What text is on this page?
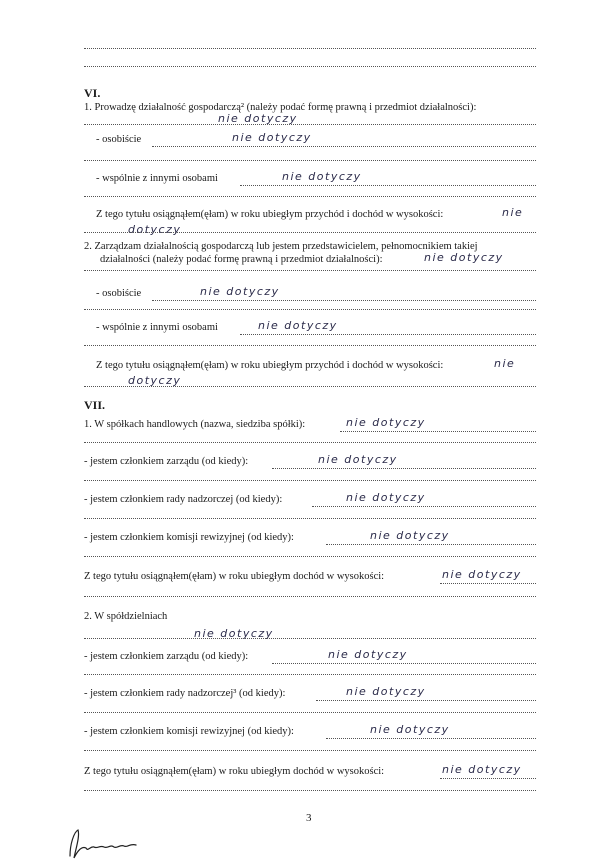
VI.
1. Prowadzę działalność gospodarczą² (należy podać formę prawną i przedmiot działalności):
nie dotyczy
- osobiście	nie dotyczy
- wspólnie z innymi osobami	nie dotyczy
Z tego tytułu osiągnąłem(ęłam) w roku ubiegłym przychód i dochód w wysokości:	nie
dotyczy
2. Zarządzam działalnością gospodarczą lub jestem przedstawicielem, pełnomocnikiem takiej
działalności (należy podać formę prawną i przedmiot działalności):	nie dotyczy
- osobiście	nie dotyczy
- wspólnie z innymi osobami	nie dotyczy
Z tego tytułu osiągnąłem(ęłam) w roku ubiegłym przychód i dochód w wysokości:	nie
dotyczy
VII.
1. W spółkach handlowych (nazwa, siedziba spółki):	nie dotyczy
- jestem członkiem zarządu (od kiedy):	nie dotyczy
- jestem członkiem rady nadzorczej (od kiedy):	nie dotyczy
- jestem członkiem komisji rewizyjnej (od kiedy):	nie dotyczy
Z tego tytułu osiągnąłem(ęłam) w roku ubiegłym dochód w wysokości:	nie dotyczy
2. W spółdzielniach
nie dotyczy
- jestem członkiem zarządu (od kiedy):	nie dotyczy
- jestem członkiem rady nadzorczej³ (od kiedy):	nie dotyczy
- jestem członkiem komisji rewizyjnej (od kiedy):	nie dotyczy
Z tego tytułu osiągnąłem(ęłam) w roku ubiegłym dochód w wysokości:	nie dotyczy
3
